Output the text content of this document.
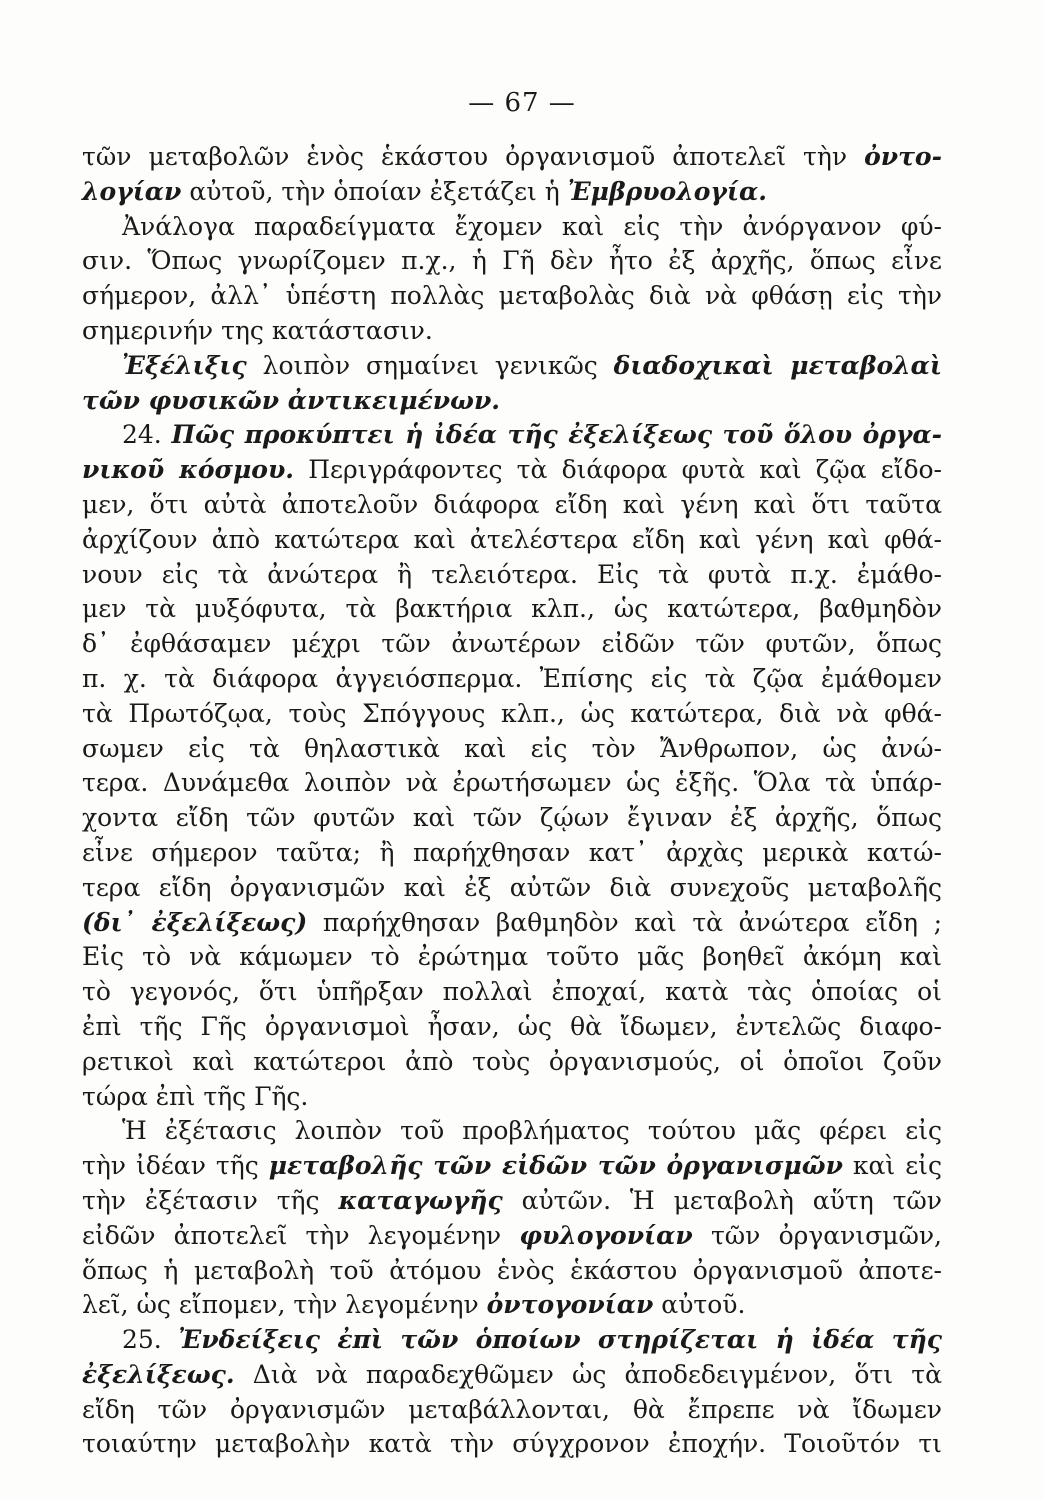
— 67 —
τῶν μεταβολῶν ἑνὸς ἑκάστου ὀργανισμοῦ ἀποτελεῖ τὴν ὀντο-
λογίαν αὐτοῦ, τὴν ὁποίαν ἐξετάζει ἡ Ἐμβρυολογία.
Ἀνάλογα παραδείγματα ἔχομεν καὶ εἰς τὴν ἀνόργανον φύ-
σιν. Ὅπως γνωρίζομεν π.χ., ἡ Γῆ δὲν ἦτο ἐξ ἀρχῆς, ὅπως εἶνε
σήμερον, ἀλλ᾽ ὑπέστη πολλὰς μεταβολὰς διὰ νὰ φθάσῃ εἰς τὴν
σημερινήν της κατάστασιν.
Ἐξέλιξις λοιπὸν σημαίνει γενικῶς διαδοχικαὶ μεταβολαὶ
τῶν φυσικῶν ἀντικειμένων.
24. Πῶς προκύπτει ἡ ἰδέα τῆς ἐξελίξεως τοῦ ὅλου ὀργα-
νικοῦ κόσμου. Περιγράφοντες τὰ διάφορα φυτὰ καὶ ζῷα εἴδο-
μεν, ὅτι αὐτὰ ἀποτελοῦν διάφορα εἴδη καὶ γένη καὶ ὅτι ταῦτα
ἀρχίζουν ἀπὸ κατώτερα καὶ ἀτελέστερα εἴδη καὶ γένη καὶ φθά-
νουν εἰς τὰ ἀνώτερα ἢ τελειότερα. Εἰς τὰ φυτὰ π.χ. ἐμάθο-
μεν τὰ μυξόφυτα, τὰ βακτήρια κλπ., ὡς κατώτερα, βαθμηδὸν
δ᾽ ἐφθάσαμεν μέχρι τῶν ἀνωτέρων εἰδῶν τῶν φυτῶν, ὅπως
π. χ. τὰ διάφορα ἀγγειόσπερμα. Ἐπίσης εἰς τὰ ζῷα ἐμάθομεν
τὰ Πρωτόζῳα, τοὺς Σπόγγους κλπ., ὡς κατώτερα, διὰ νὰ φθά-
σωμεν εἰς τὰ θηλαστικὰ καὶ εἰς τὸν Ἄνθρωπον, ὡς ἀνώ-
τερα. Δυνάμεθα λοιπὸν νὰ ἐρωτήσωμεν ὡς ἑξῆς. Ὅλα τὰ ὑπάρ-
χοντα εἴδη τῶν φυτῶν καὶ τῶν ζῴων ἔγιναν ἐξ ἀρχῆς, ὅπως
εἶνε σήμερον ταῦτα; ἢ παρήχθησαν κατ᾽ ἀρχὰς μερικὰ κατώ-
τερα εἴδη ὀργανισμῶν καὶ ἐξ αὐτῶν διὰ συνεχοῦς μεταβολῆς
(δι᾽ ἐξελίξεως) παρήχθησαν βαθμηδὸν καὶ τὰ ἀνώτερα εἴδη ;
Εἰς τὸ νὰ κάμωμεν τὸ ἐρώτημα τοῦτο μᾶς βοηθεῖ ἀκόμη καὶ
τὸ γεγονός, ὅτι ὑπῆρξαν πολλαὶ ἐποχαί, κατὰ τὰς ὁποίας οἱ
ἐπὶ τῆς Γῆς ὀργανισμοὶ ἦσαν, ὡς θὰ ἴδωμεν, ἐντελῶς διαφο-
ρετικοὶ καὶ κατώτεροι ἀπὸ τοὺς ὀργανισμούς, οἱ ὁποῖοι ζοῦν
τώρα ἐπὶ τῆς Γῆς.
Ἡ ἐξέτασις λοιπὸν τοῦ προβλήματος τούτου μᾶς φέρει εἰς
τὴν ἰδέαν τῆς μεταβολῆς τῶν εἰδῶν τῶν ὀργανισμῶν καὶ εἰς
τὴν ἐξέτασιν τῆς καταγωγῆς αὐτῶν. Ἡ μεταβολὴ αὕτη τῶν
εἰδῶν ἀποτελεῖ τὴν λεγομένην φυλογονίαν τῶν ὀργανισμῶν,
ὅπως ἡ μεταβολὴ τοῦ ἀτόμου ἑνὸς ἑκάστου ὀργανισμοῦ ἀποτε-
λεῖ, ὡς εἴπομεν, τὴν λεγομένην ὀντογονίαν αὐτοῦ.
25. Ἐνδείξεις ἐπὶ τῶν ὁποίων στηρίζεται ἡ ἰδέα τῆς
ἐξελίξεως. Διὰ νὰ παραδεχθῶμεν ὡς ἀποδεδειγμένον, ὅτι τὰ
εἴδη τῶν ὀργανισμῶν μεταβάλλονται, θὰ ἔπρεπε νὰ ἴδωμεν
τοιαύτην μεταβολὴν κατὰ τὴν σύγχρονον ἐποχήν. Τοιοῦτόν τι
